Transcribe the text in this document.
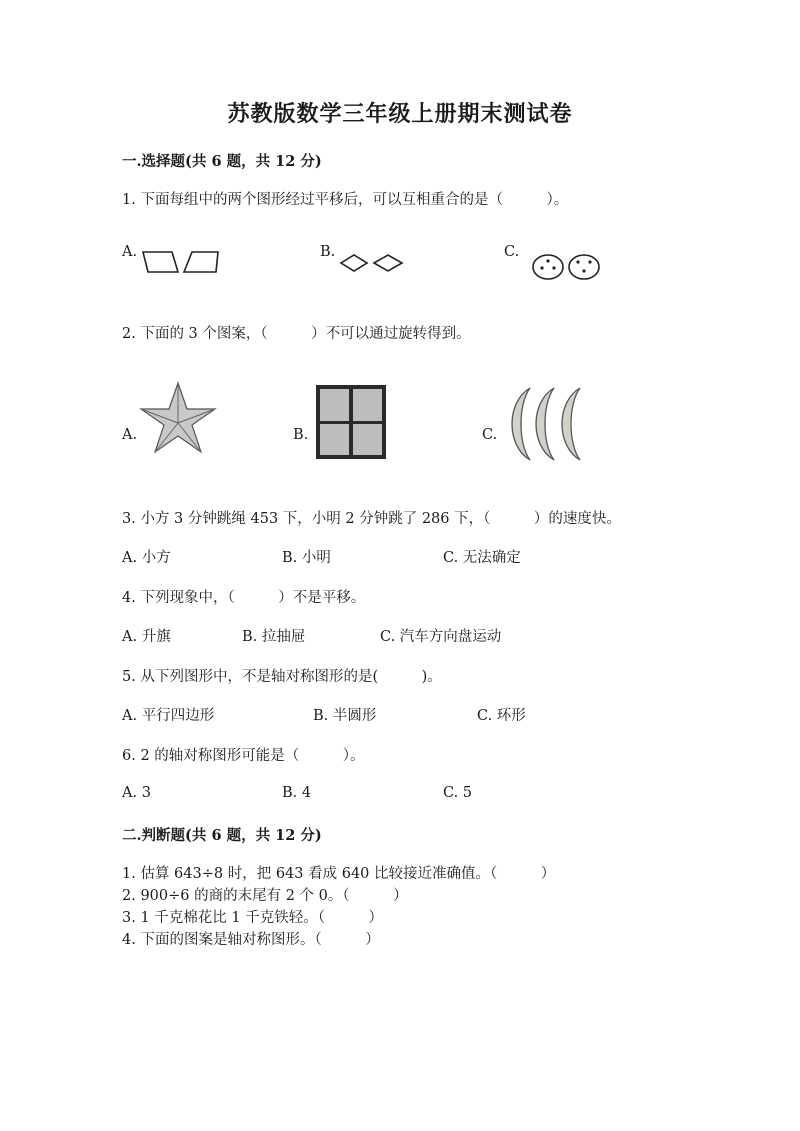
苏教版数学三年级上册期末测试卷
一.选择题(共 6 题，共 12 分)
1. 下面每组中的两个图形经过平移后，可以互相重合的是（　　　）。
A.	B.	C.
2. 下面的 3 个图案，（　　　）不可以通过旋转得到。
A.	B.	C.
3. 小方 3 分钟跳绳 453 下，小明 2 分钟跳了 286 下，（　　　）的速度快。
A. 小方	B. 小明	C. 无法确定
4. 下列现象中，（　　　）不是平移。
A. 升旗	B. 拉抽屉	C. 汽车方向盘运动
5. 从下列图形中，不是轴对称图形的是(　　　)。
A. 平行四边形	B. 半圆形	C. 环形
6. 2 的轴对称图形可能是（　　　）。
A. 3	B. 4	C. 5
二.判断题(共 6 题，共 12 分)
1. 估算 643÷8 时，把 643 看成 640 比较接近准确值。（　　　）
2. 900÷6 的商的末尾有 2 个 0。（　　　）
3. 1 千克棉花比 1 千克铁轻。（　　　）
4. 下面的图案是轴对称图形。（　　　）
